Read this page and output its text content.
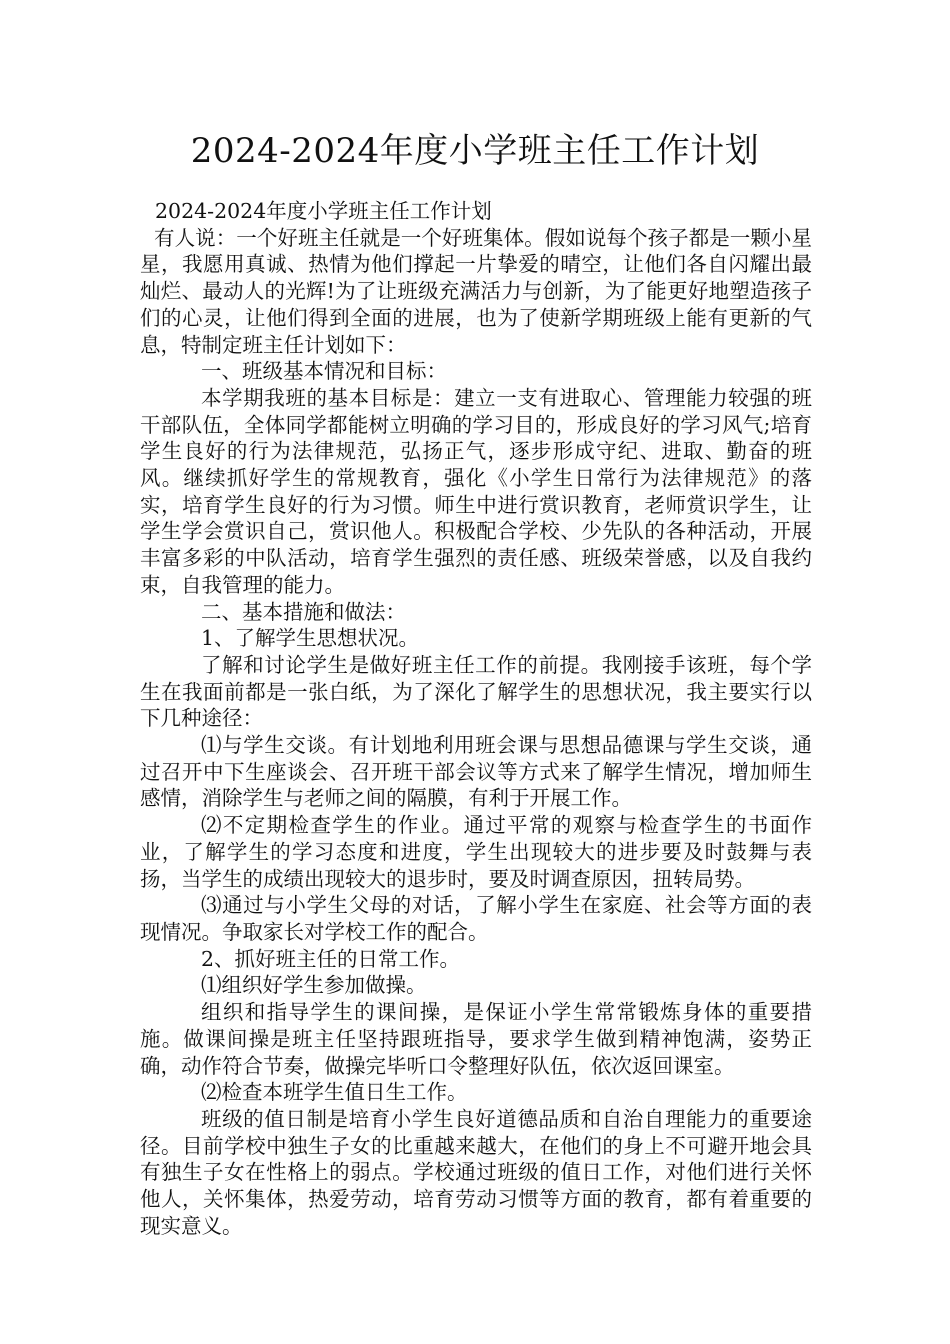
2024-2024年度小学班主任工作计划

2024-2024年度小学班主任工作计划

有人说：一个好班主任就是一个好班集体。假如说每个孩子都是一颗小星星，我愿用真诚、热情为他们撑起一片挚爱的晴空，让他们各自闪耀出最灿烂、最动人的光辉!为了让班级充满活力与创新，为了能更好地塑造孩子们的心灵，让他们得到全面的进展，也为了使新学期班级上能有更新的气息，特制定班主任计划如下：

一、班级基本情况和目标：

本学期我班的基本目标是：建立一支有进取心、管理能力较强的班干部队伍，全体同学都能树立明确的学习目的，形成良好的学习风气;培育学生良好的行为法律规范，弘扬正气，逐步形成守纪、进取、勤奋的班风。继续抓好学生的常规教育，强化《小学生日常行为法律规范》的落实，培育学生良好的行为习惯。师生中进行赏识教育，老师赏识学生，让学生学会赏识自己，赏识他人。积极配合学校、少先队的各种活动，开展丰富多彩的中队活动，培育学生强烈的责任感、班级荣誉感，以及自我约束，自我管理的能力。

二、基本措施和做法：

1、了解学生思想状况。

了解和讨论学生是做好班主任工作的前提。我刚接手该班，每个学生在我面前都是一张白纸，为了深化了解学生的思想状况，我主要实行以下几种途径：

⑴与学生交谈。有计划地利用班会课与思想品德课与学生交谈，通过召开中下生座谈会、召开班干部会议等方式来了解学生情况，增加师生感情，消除学生与老师之间的隔膜，有利于开展工作。

⑵不定期检查学生的作业。通过平常的观察与检查学生的书面作业，了解学生的学习态度和进度，学生出现较大的进步要及时鼓舞与表扬，当学生的成绩出现较大的退步时，要及时调查原因，扭转局势。

⑶通过与小学生父母的对话，了解小学生在家庭、社会等方面的表现情况。争取家长对学校工作的配合。

2、抓好班主任的日常工作。

⑴组织好学生参加做操。

组织和指导学生的课间操，是保证小学生常常锻炼身体的重要措施。做课间操是班主任坚持跟班指导，要求学生做到精神饱满，姿势正确，动作符合节奏，做操完毕听口令整理好队伍，依次返回课室。

⑵检查本班学生值日生工作。

班级的值日制是培育小学生良好道德品质和自治自理能力的重要途径。目前学校中独生子女的比重越来越大，在他们的身上不可避开地会具有独生子女在性格上的弱点。学校通过班级的值日工作，对他们进行关怀他人，关怀集体，热爱劳动，培育劳动习惯等方面的教育，都有着重要的现实意义。
